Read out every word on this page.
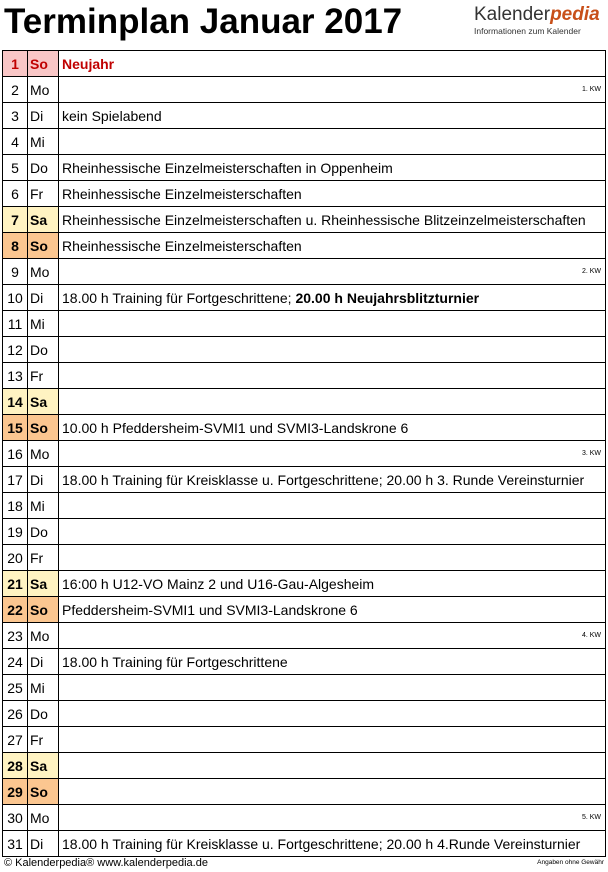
Terminplan Januar 2017	Kalenderpedia
Informationen zum Kalender
1	So	Neujahr
2	Mo	1. KW

3	Di	kein Spielabend
4	Mi	
5	Do	Rheinhessische Einzelmeisterschaften in Oppenheim
6	Fr	Rheinhessische Einzelmeisterschaften
7	Sa	Rheinhessische Einzelmeisterschaften u. Rheinhessische Blitzeinzelmeisterschaften
8	So	Rheinhessische Einzelmeisterschaften
9	Mo	2. KW

10	Di	18.00 h Training für Fortgeschrittene; 20.00 h Neujahrsblitzturnier
11	Mi	
12	Do	
13	Fr	
14	Sa	
15	So	10.00 h Pfeddersheim-SVMI1 und SVMI3-Landskrone 6
16	Mo	3. KW

17	Di	18.00 h Training für Kreisklasse u. Fortgeschrittene; 20.00 h 3. Runde Vereinsturnier
18	Mi	
19	Do	
20	Fr	
21	Sa	16:00 h U12-VO Mainz 2 und U16-Gau-Algesheim
22	So	Pfeddersheim-SVMI1 und SVMI3-Landskrone 6
23	Mo	4. KW

24	Di	18.00 h Training für Fortgeschrittene
25	Mi	
26	Do	
27	Fr	
28	Sa	
29	So	
30	Mo	5. KW

31	Di	18.00 h Training für Kreisklasse u. Fortgeschrittene; 20.00 h 4.Runde Vereinsturnier
© Kalenderpedia® www.kalenderpedia.de	Angaben ohne Gewähr
